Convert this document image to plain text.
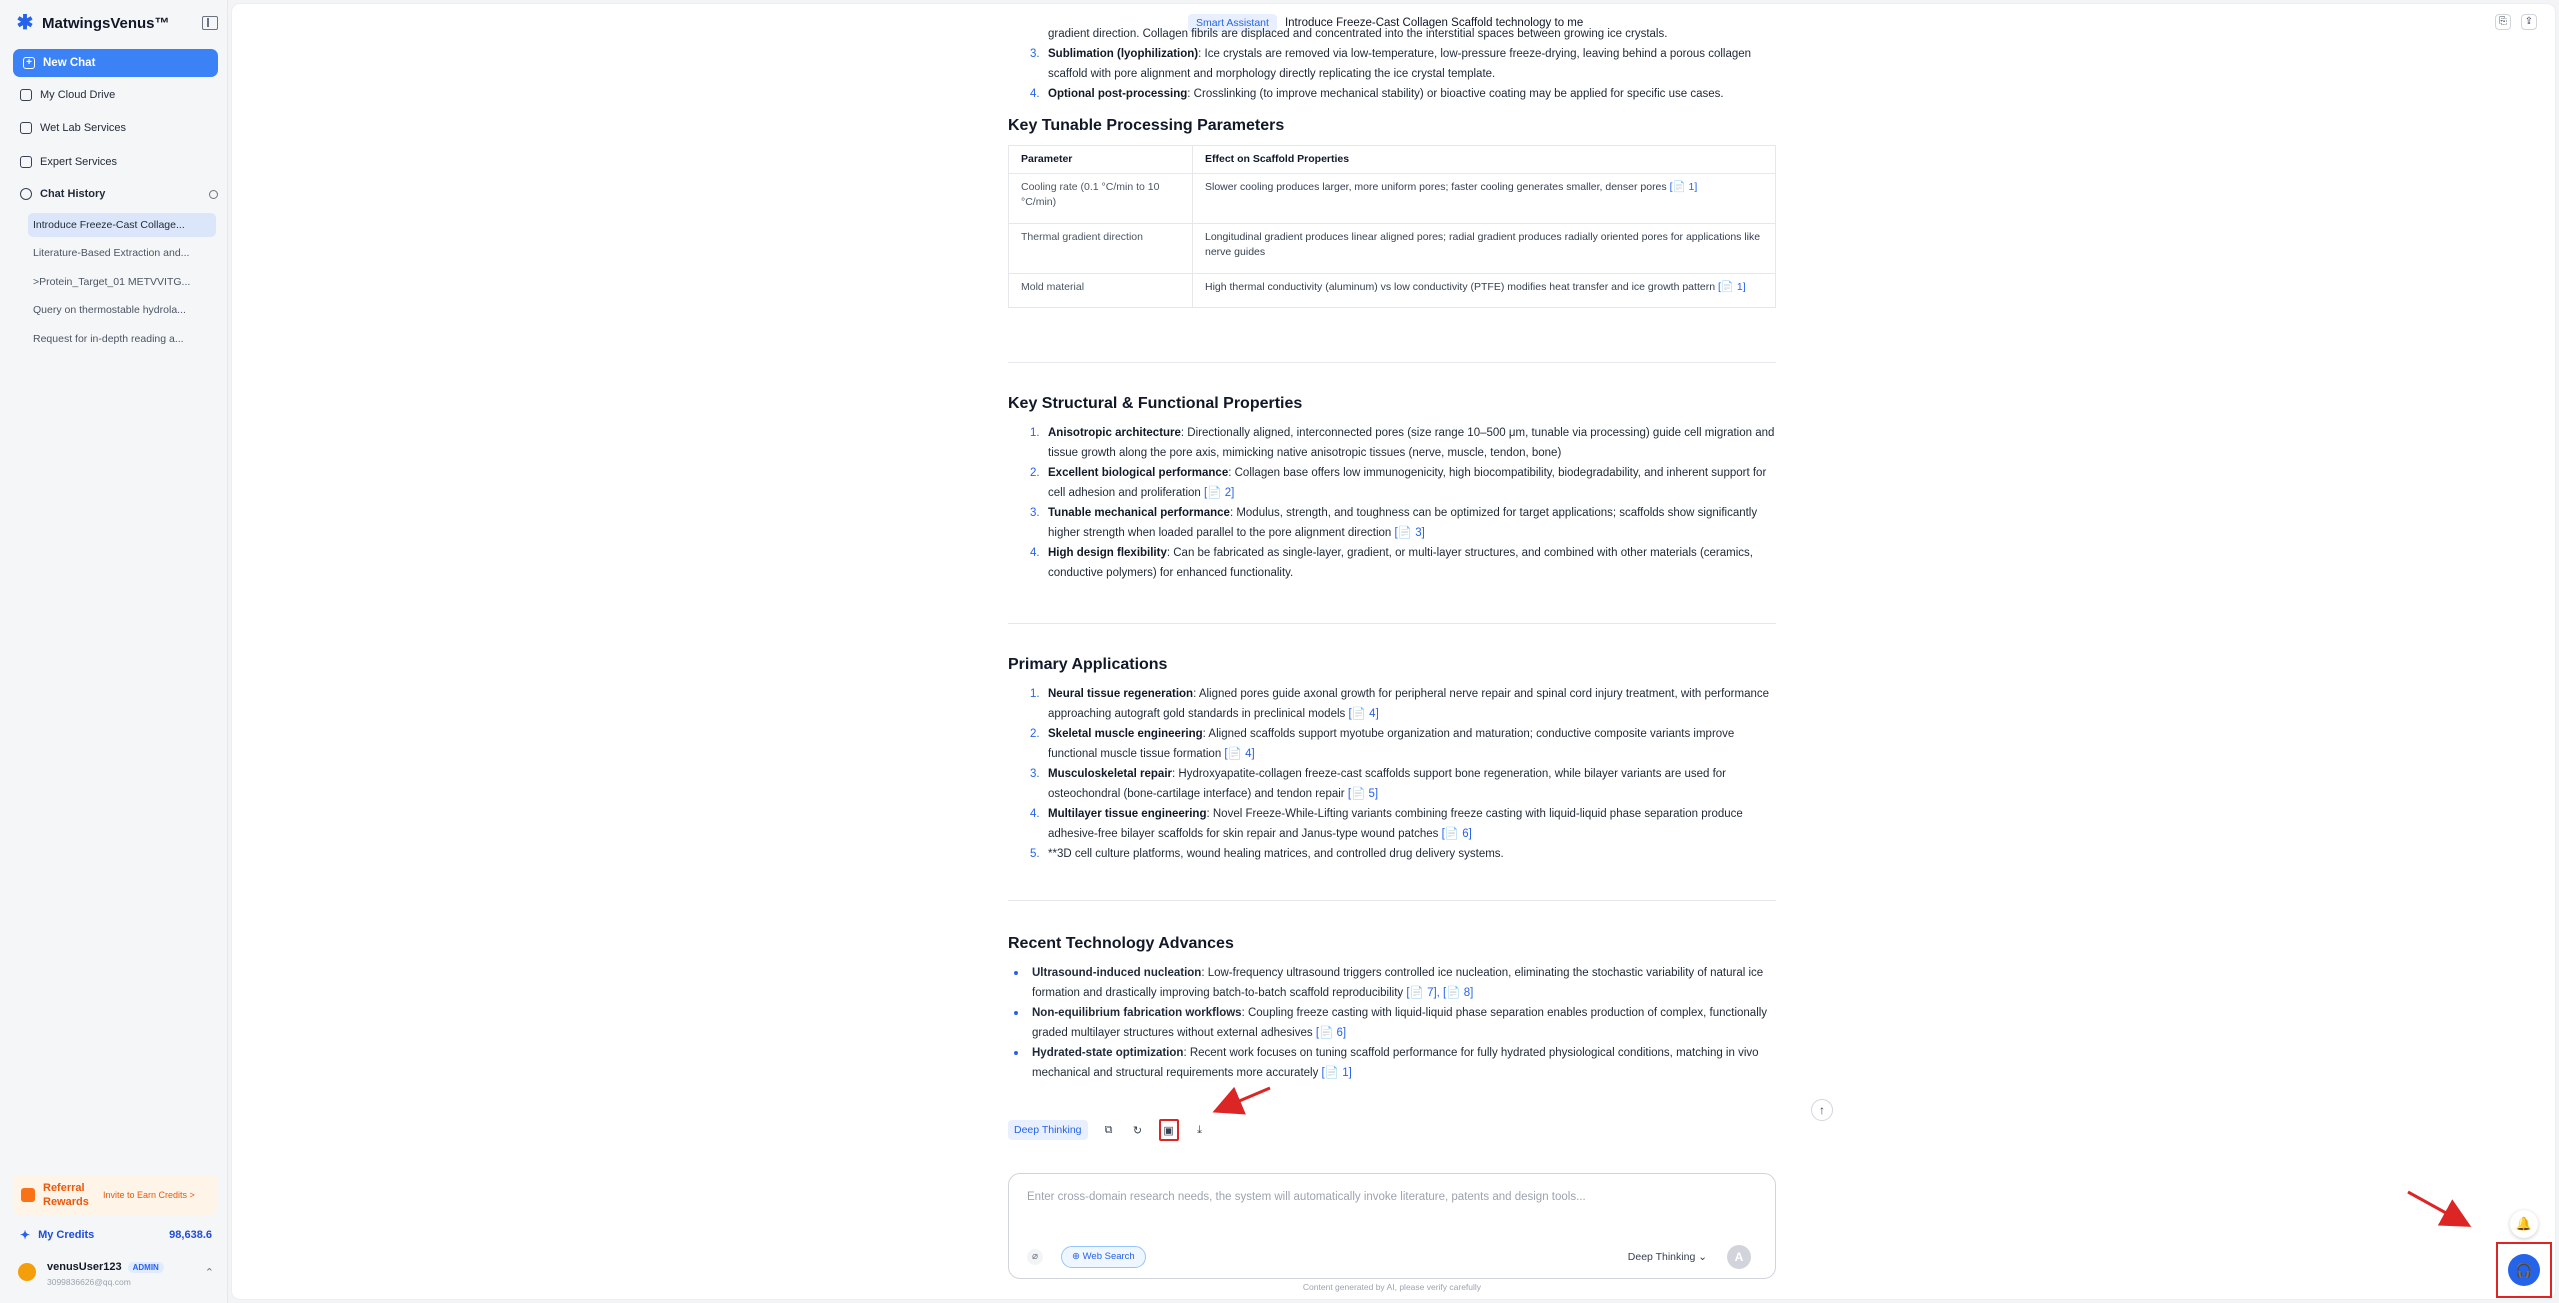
✱ MatwingsVenus™
+ New Chat
My Cloud Drive
Wet Lab Services
Expert Services
Chat History
Introduce Freeze-Cast Collage...
Literature-Based Extraction and...
>Protein_Target_01 METVVITG...
Query on thermostable hydrola...
Request for in-depth reading a...
Referral Rewards
Invite to Earn Credits >
✦ My Credits	98,638.6
venusUser123 ADMIN
3099836626@qq.com
⌃
Smart Assistant	Introduce Freeze-Cast Collagen Scaffold technology to me	⎘	⇪
gradient direction. Collagen fibrils are displaced and concentrated into the interstitial spaces between growing ice crystals.
3. Sublimation (lyophilization): Ice crystals are removed via low-temperature, low-pressure freeze-drying, leaving behind a porous collagen scaffold with pore alignment and morphology directly replicating the ice crystal template.
4. Optional post-processing: Crosslinking (to improve mechanical stability) or bioactive coating may be applied for specific use cases.
Key Tunable Processing Parameters
Parameter	Effect on Scaffold Properties
Cooling rate (0.1 °C/min to 10 °C/min)	Slower cooling produces larger, more uniform pores; faster cooling generates smaller, denser pores [📄 1]
Thermal gradient direction	Longitudinal gradient produces linear aligned pores; radial gradient produces radially oriented pores for applications like nerve guides
Mold material	High thermal conductivity (aluminum) vs low conductivity (PTFE) modifies heat transfer and ice growth pattern [📄 1]
Key Structural & Functional Properties
1. Anisotropic architecture: Directionally aligned, interconnected pores (size range 10–500 μm, tunable via processing) guide cell migration and tissue growth along the pore axis, mimicking native anisotropic tissues (nerve, muscle, tendon, bone)
2. Excellent biological performance: Collagen base offers low immunogenicity, high biocompatibility, biodegradability, and inherent support for cell adhesion and proliferation [📄 2]
3. Tunable mechanical performance: Modulus, strength, and toughness can be optimized for target applications; scaffolds show significantly higher strength when loaded parallel to the pore alignment direction [📄 3]
4. High design flexibility: Can be fabricated as single-layer, gradient, or multi-layer structures, and combined with other materials (ceramics, conductive polymers) for enhanced functionality.
Primary Applications
1. Neural tissue regeneration: Aligned pores guide axonal growth for peripheral nerve repair and spinal cord injury treatment, with performance approaching autograft gold standards in preclinical models [📄 4]
2. Skeletal muscle engineering: Aligned scaffolds support myotube organization and maturation; conductive composite variants improve functional muscle tissue formation [📄 4]
3. Musculoskeletal repair: Hydroxyapatite-collagen freeze-cast scaffolds support bone regeneration, while bilayer variants are used for osteochondral (bone-cartilage interface) and tendon repair [📄 5]
4. Multilayer tissue engineering: Novel Freeze-While-Lifting variants combining freeze casting with liquid-liquid phase separation produce adhesive-free bilayer scaffolds for skin repair and Janus-type wound patches [📄 6]
5. **3D cell culture platforms, wound healing matrices, and controlled drug delivery systems.
Recent Technology Advances
Ultrasound-induced nucleation: Low-frequency ultrasound triggers controlled ice nucleation, eliminating the stochastic variability of natural ice formation and drastically improving batch-to-batch scaffold reproducibility [📄 7], [📄 8]
Non-equilibrium fabrication workflows: Coupling freeze casting with liquid-liquid phase separation enables production of complex, functionally graded multilayer structures without external adhesives [📄 6]
Hydrated-state optimization: Recent work focuses on tuning scaffold performance for fully hydrated physiological conditions, matching in vivo mechanical and structural requirements more accurately [📄 1]
Deep Thinking	⧉	↻	▣	⤓
↑
Enter cross-domain research needs, the system will automatically invoke literature, patents and design tools...
⌀	⊕ Web Search	Deep Thinking ⌄	A
Content generated by AI, please verify carefully
🔔
🎧
